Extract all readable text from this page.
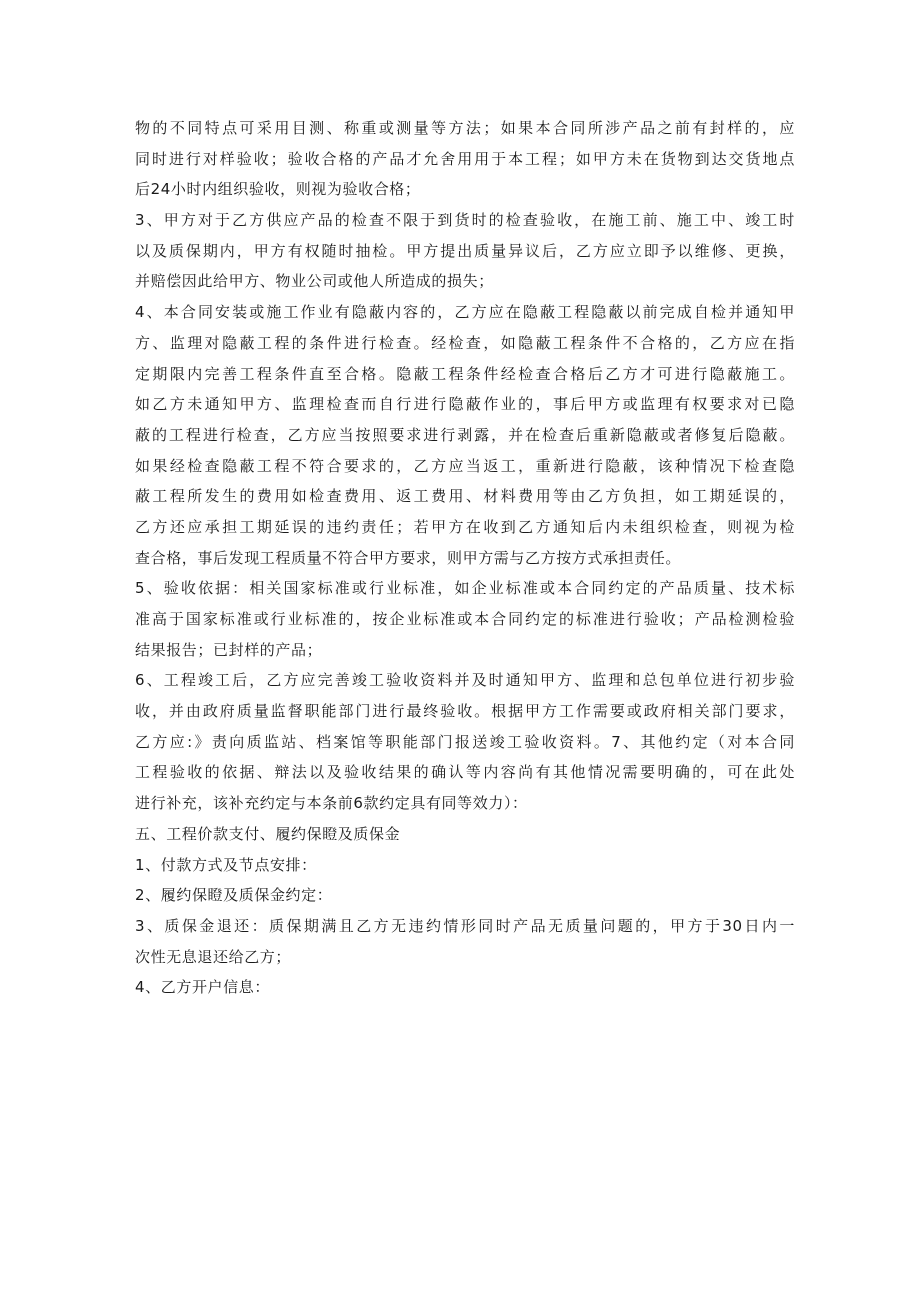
物的不同特点可采用目测、称重或测量等方法；如果本合同所涉产品之前有封样的，应
同时进行对样验收；验收合格的产品才允舍用用于本工程；如甲方未在货物到达交货地点
后24小时内组织验收，则视为验收合格；
3、甲方对于乙方供应产品的检查不限于到货时的检查验收，在施工前、施工中、竣工时
以及质保期内，甲方有权随时抽检。甲方提出质量异议后，乙方应立即予以维修、更换，
并赔偿因此给甲方、物业公司或他人所造成的损失；
4、本合同安装或施工作业有隐蔽内容的，乙方应在隐蔽工程隐蔽以前完成自检并通知甲
方、监理对隐蔽工程的条件进行检查。经检查，如隐蔽工程条件不合格的，乙方应在指
定期限内完善工程条件直至合格。隐蔽工程条件经检查合格后乙方才可进行隐蔽施工。
如乙方未通知甲方、监理检查而自行进行隐蔽作业的，事后甲方或监理有权要求对已隐
蔽的工程进行检查，乙方应当按照要求进行剥露，并在检查后重新隐蔽或者修复后隐蔽。
如果经检查隐蔽工程不符合要求的，乙方应当返工，重新进行隐蔽，该种情况下检查隐
蔽工程所发生的费用如检查费用、返工费用、材料费用等由乙方负担，如工期延误的，
乙方还应承担工期延误的违约责任；若甲方在收到乙方通知后内未组织检查，则视为检
查合格，事后发现工程质量不符合甲方要求，则甲方需与乙方按方式承担责任。
5、验收依据：相关国家标准或行业标准，如企业标准或本合同约定的产品质量、技术标
准高于国家标准或行业标准的，按企业标准或本合同约定的标准进行验收；产品检测检验
结果报告；已封样的产品；
6、工程竣工后，乙方应完善竣工验收资料并及时通知甲方、监理和总包单位进行初步验
收，并由政府质量监督职能部门进行最终验收。根据甲方工作需要或政府相关部门要求，
乙方应:》责向质监站、档案馆等职能部门报送竣工验收资料。7、其他约定（对本合同
工程验收的依据、辩法以及验收结果的确认等内容尚有其他情况需要明确的，可在此处
进行补充，该补充约定与本条前6款约定具有同等效力）：
五、工程价款支付、履约保瞪及质保金
1、付款方式及节点安排：
2、履约保瞪及质保金约定：
3、质保金退还：质保期满且乙方无违约情形同时产品无质量问题的，甲方于30日内一
次性无息退还给乙方；
4、乙方开户信息：
